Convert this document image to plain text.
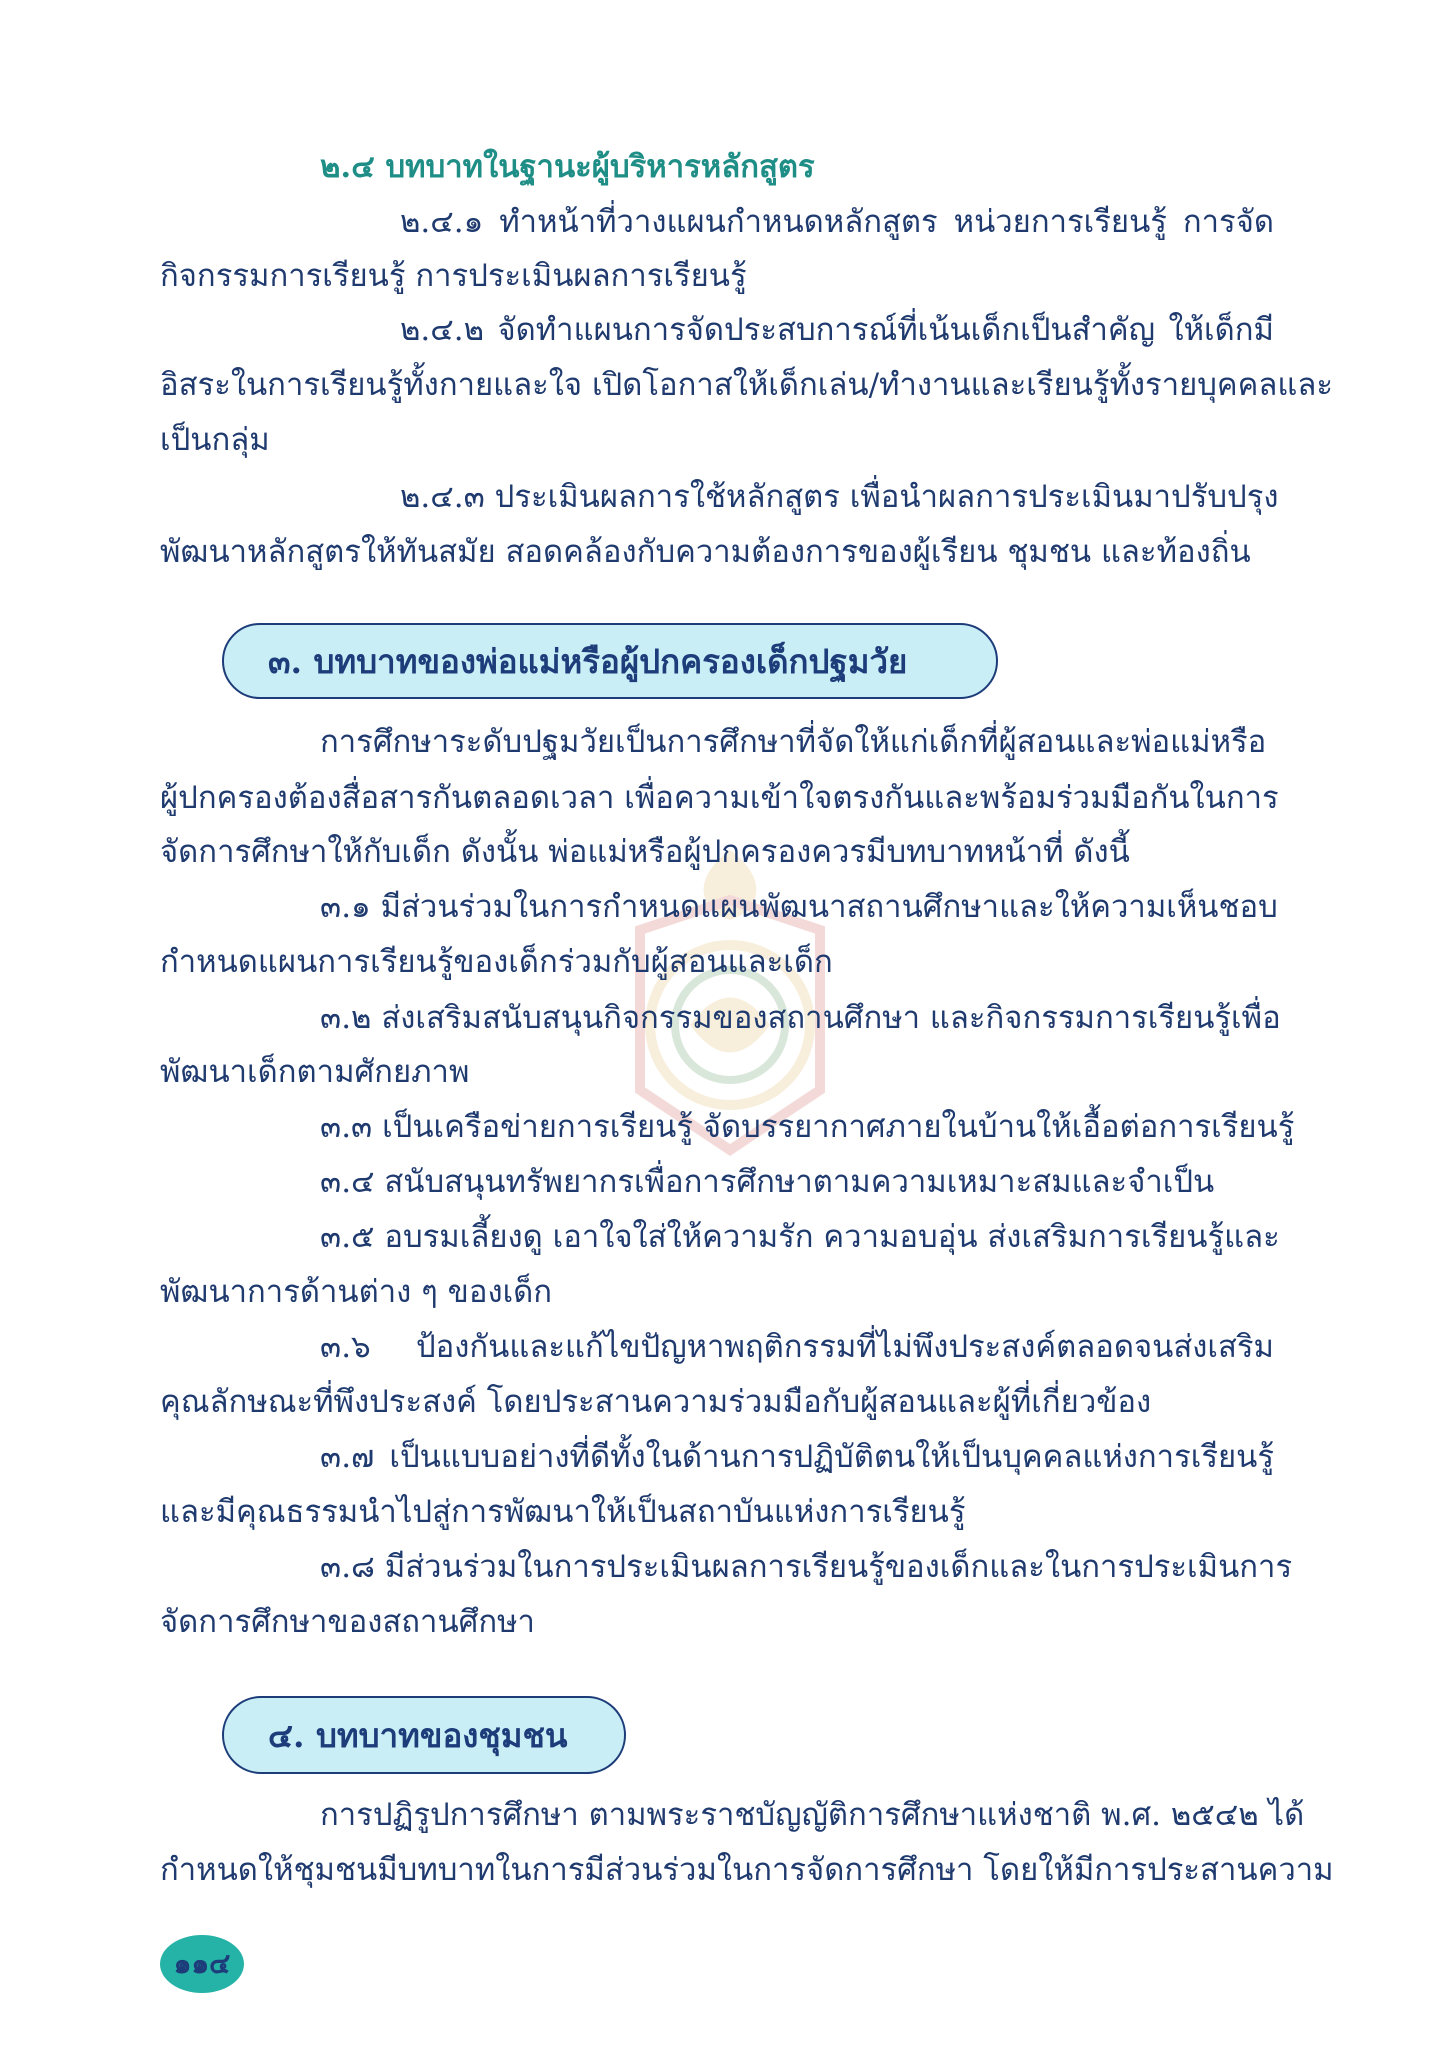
๒.๔ บทบาทในฐานะผู้บริหารหลักสูตร
๒.๔.๑ ทำหน้าที่วางแผนกำหนดหลักสูตร หน่วยการเรียนรู้ การจัด
กิจกรรมการเรียนรู้ การประเมินผลการเรียนรู้
๒.๔.๒ จัดทำแผนการจัดประสบการณ์ที่เน้นเด็กเป็นสำคัญ ให้เด็กมี
อิสระในการเรียนรู้ทั้งกายและใจ เปิดโอกาสให้เด็กเล่น/ทำงานและเรียนรู้ทั้งรายบุคคลและ
เป็นกลุ่ม
๒.๔.๓ ประเมินผลการใช้หลักสูตร เพื่อนำผลการประเมินมาปรับปรุง
พัฒนาหลักสูตรให้ทันสมัย สอดคล้องกับความต้องการของผู้เรียน ชุมชน และท้องถิ่น
๓. บทบาทของพ่อแม่หรือผู้ปกครองเด็กปฐมวัย
การศึกษาระดับปฐมวัยเป็นการศึกษาที่จัดให้แก่เด็กที่ผู้สอนและพ่อแม่หรือ
ผู้ปกครองต้องสื่อสารกันตลอดเวลา เพื่อความเข้าใจตรงกันและพร้อมร่วมมือกันในการ
จัดการศึกษาให้กับเด็ก ดังนั้น พ่อแม่หรือผู้ปกครองควรมีบทบาทหน้าที่ ดังนี้
๓.๑ มีส่วนร่วมในการกำหนดแผนพัฒนาสถานศึกษาและให้ความเห็นชอบ
กำหนดแผนการเรียนรู้ของเด็กร่วมกับผู้สอนและเด็ก
๓.๒ ส่งเสริมสนับสนุนกิจกรรมของสถานศึกษา และกิจกรรมการเรียนรู้เพื่อ
พัฒนาเด็กตามศักยภาพ
๓.๓ เป็นเครือข่ายการเรียนรู้ จัดบรรยากาศภายในบ้านให้เอื้อต่อการเรียนรู้
๓.๔ สนับสนุนทรัพยากรเพื่อการศึกษาตามความเหมาะสมและจำเป็น
๓.๕ อบรมเลี้ยงดู เอาใจใส่ให้ความรัก ความอบอุ่น ส่งเสริมการเรียนรู้และ
พัฒนาการด้านต่าง ๆ ของเด็ก
๓.๖ ป้องกันและแก้ไขปัญหาพฤติกรรมที่ไม่พึงประสงค์ตลอดจนส่งเสริม
คุณลักษณะที่พึงประสงค์ โดยประสานความร่วมมือกับผู้สอนและผู้ที่เกี่ยวข้อง
๓.๗ เป็นแบบอย่างที่ดีทั้งในด้านการปฏิบัติตนให้เป็นบุคคลแห่งการเรียนรู้
และมีคุณธรรมนำไปสู่การพัฒนาให้เป็นสถาบันแห่งการเรียนรู้
๓.๘ มีส่วนร่วมในการประเมินผลการเรียนรู้ของเด็กและในการประเมินการ
จัดการศึกษาของสถานศึกษา
๔. บทบาทของชุมชน
การปฏิรูปการศึกษา ตามพระราชบัญญัติการศึกษาแห่งชาติ พ.ศ. ๒๕๔๒ ได้
กำหนดให้ชุมชนมีบทบาทในการมีส่วนร่วมในการจัดการศึกษา โดยให้มีการประสานความ
๑๑๔
